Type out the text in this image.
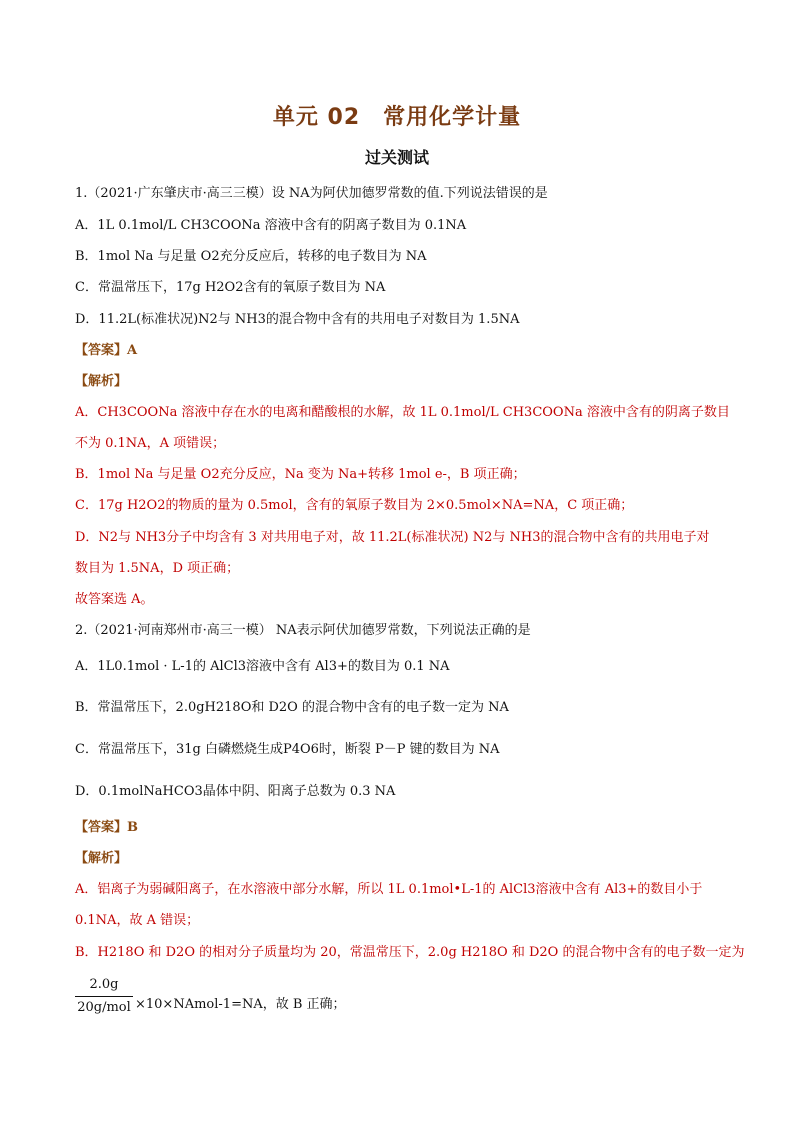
单元 02　常用化学计量
过关测试
1.（2021·广东肇庆市·高三三模）设 NA为阿伏加德罗常数的值.下列说法错误的是
A．1L 0.1mol/L CH3COONa 溶液中含有的阴离子数目为 0.1NA
B．1mol Na 与足量 O2充分反应后，转移的电子数目为 NA
C．常温常压下，17g H2O2含有的氧原子数目为 NA
D．11.2L(标准状况)N2与 NH3的混合物中含有的共用电子对数目为 1.5NA
【答案】A
【解析】
A．CH3COONa 溶液中存在水的电离和醋酸根的水解，故 1L 0.1mol/L CH3COONa 溶液中含有的阴离子数目
不为 0.1NA，A 项错误；
B．1mol Na 与足量 O2充分反应，Na 变为 Na+转移 1mol e-，B 项正确；
C．17g H2O2的物质的量为 0.5mol，含有的氧原子数目为 2×0.5mol×NA=NA，C 项正确；
D．N2与 NH3分子中均含有 3 对共用电子对，故 11.2L(标准状况) N2与 NH3的混合物中含有的共用电子对
数目为 1.5NA，D 项正确；
故答案选 A。
2.（2021·河南郑州市·高三一模） NA表示阿伏加德罗常数，下列说法正确的是
A．1L0.1mol · L-1的 AlCl3溶液中含有 Al3+的数目为 0.1 NA
B．常温常压下，2.0gH218O和 D2O 的混合物中含有的电子数一定为 NA
C．常温常压下，31g 白磷燃烧生成P4O6时，断裂 P－P 键的数目为 NA
D．0.1molNaHCO3晶体中阴、阳离子总数为 0.3 NA
【答案】B
【解析】
A．铝离子为弱碱阳离子，在水溶液中部分水解，所以 1L 0.1mol•L-1的 AlCl3溶液中含有 Al3+的数目小于
0.1NA，故 A 错误；
B．H218O 和 D2O 的相对分子质量均为 20，常温常压下，2.0g H218O 和 D2O 的混合物中含有的电子数一定为
2.0g
20g/mol ×10×NAmol-1=NA，故 B 正确；
